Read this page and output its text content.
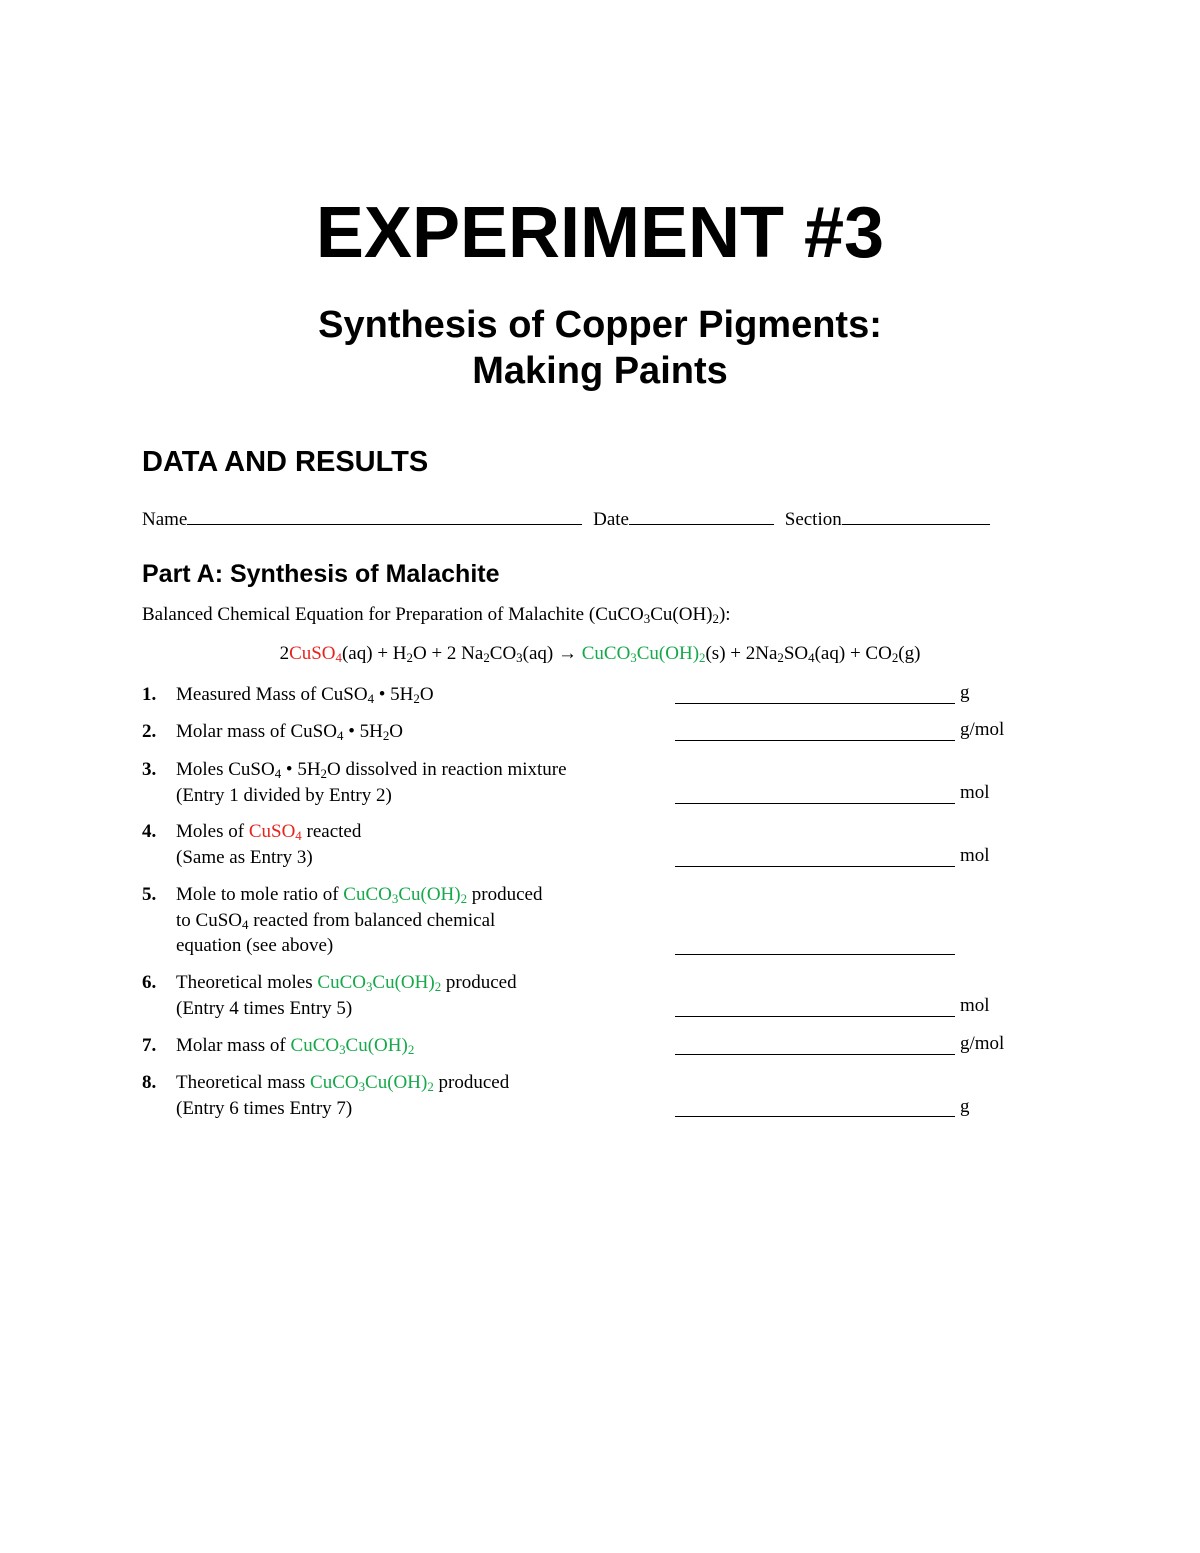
EXPERIMENT #3
Synthesis of Copper Pigments:
Making Paints
DATA AND RESULTS
Name	Date	Section
Part A: Synthesis of Malachite
Balanced Chemical Equation for Preparation of Malachite $(CuCO_3Cu(OH)_2)$:
2CuSO$_4$(aq) + $H_2O + 2$ $Na_2CO_3(aq)$ → $CuCO_3Cu(OH)_2(s) + 2Na_2SO_4(aq) + CO_2(g)$
1. Measured Mass of CuSO$_4$ • $5H_2O$	g
2. Molar mass of CuSO$_4$ • $5H_2O$	g/mol
3. Moles CuSO$_4$ • $5H_2O$ dissolved in reaction mixture
(Entry 1 divided by Entry 2)	mol
4. Moles of CuSO$_4$ reacted
(Same as Entry 3)	mol
5. Mole to mole ratio of $CuCO_3Cu(OH)_2$ produced
to CuSO$_4$ reacted from balanced chemical
equation (see above)
6. Theoretical moles $CuCO_3Cu(OH)_2$ produced
(Entry 4 times Entry 5)	mol
7. Molar mass of $CuCO_3Cu(OH)_2$	g/mol
8. Theoretical mass $CuCO_3Cu(OH)_2$ produced
(Entry 6 times Entry 7)	g
